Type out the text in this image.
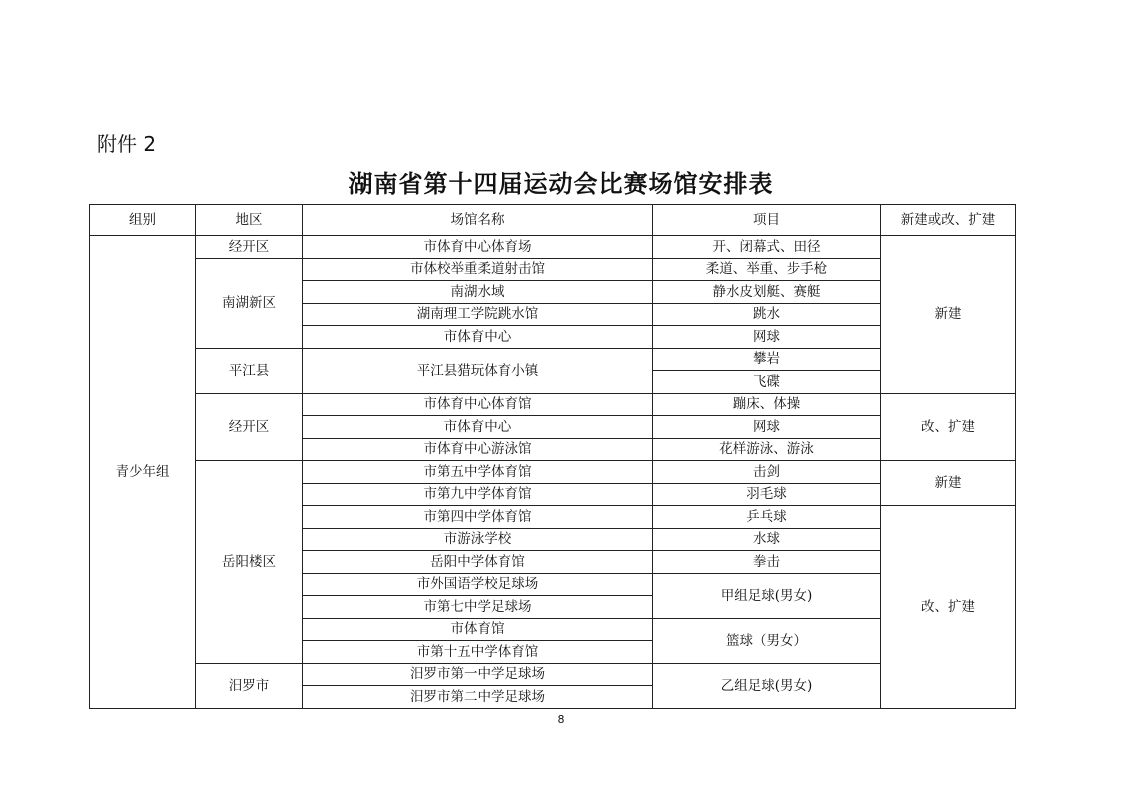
附件 2
湖南省第十四届运动会比赛场馆安排表
组别	地区	场馆名称	项目	新建或改、扩建
青少年组	经开区	市体育中心体育场	开、闭幕式、田径	新建
	南湖新区	市体校举重柔道射击馆	柔道、举重、步手枪	
		南湖水域	静水皮划艇、赛艇	
		湖南理工学院跳水馆	跳水	
		市体育中心	网球	
	平江县	平江县猎玩体育小镇	攀岩	
			飞碟	
	经开区	市体育中心体育馆	蹦床、体操	改、扩建
		市体育中心	网球	
		市体育中心游泳馆	花样游泳、游泳	
	岳阳楼区	市第五中学体育馆	击剑	新建
		市第九中学体育馆	羽毛球	
		市第四中学体育馆	乒乓球	改、扩建
		市游泳学校	水球	
		岳阳中学体育馆	拳击	
		市外国语学校足球场	甲组足球(男女)	
		市第七中学足球场		
		市体育馆	篮球（男女）	
		市第十五中学体育馆		
	汨罗市	汨罗市第一中学足球场	乙组足球(男女)	
		汨罗市第二中学足球场		
8
